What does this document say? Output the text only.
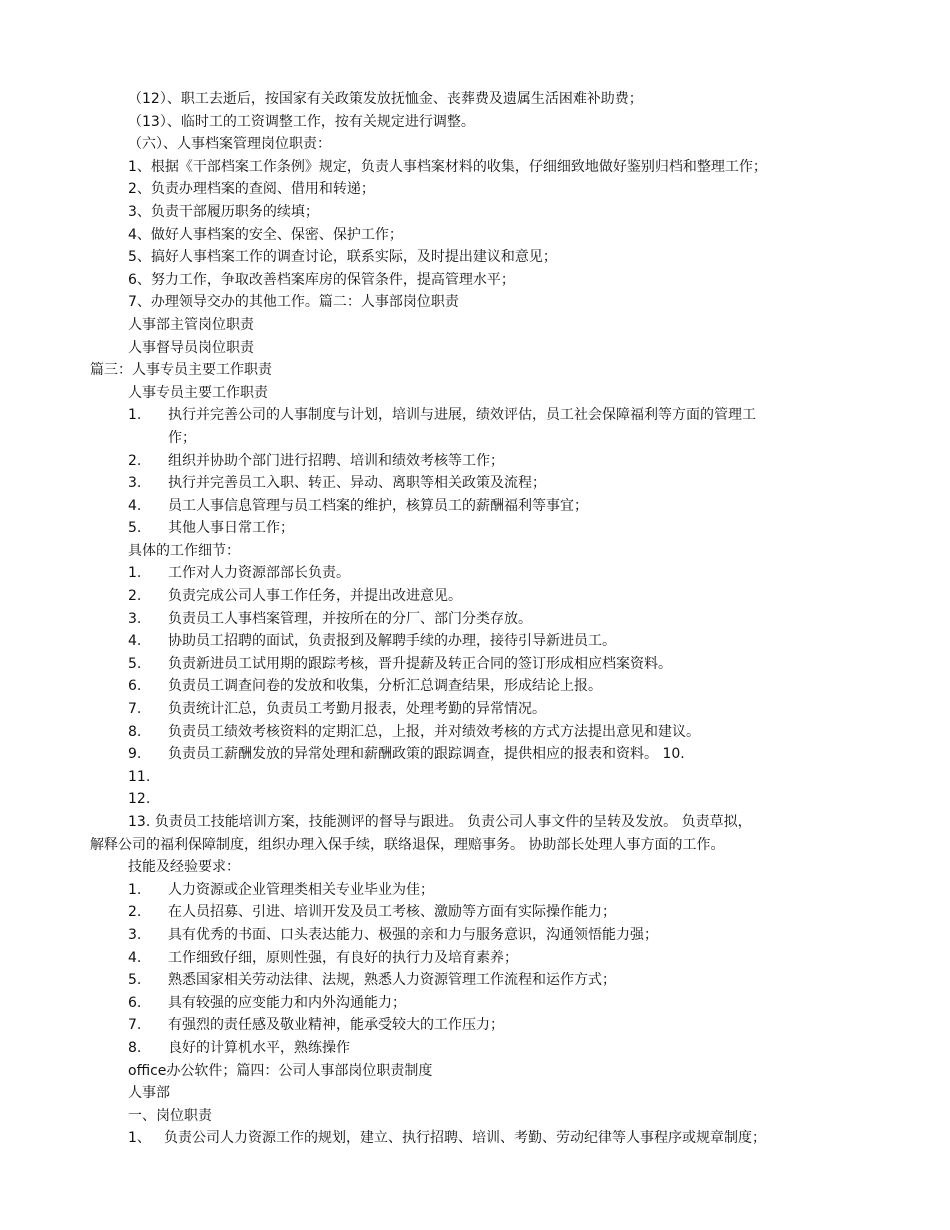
（12）、职工去逝后，按国家有关政策发放抚恤金、丧葬费及遗属生活困难补助费；
（13）、临时工的工资调整工作，按有关规定进行调整。
（六）、人事档案管理岗位职责：
1、根据《干部档案工作条例》规定，负责人事档案材料的收集，仔细细致地做好鉴别归档和整理工作；
2、负责办理档案的查阅、借用和转递；
3、负责干部履历职务的续填；
4、做好人事档案的安全、保密、保护工作；
5、搞好人事档案工作的调查讨论，联系实际，及时提出建议和意见；
6、努力工作，争取改善档案库房的保管条件，提高管理水平；
7、办理领导交办的其他工作。篇二：人事部岗位职责
人事部主管岗位职责
人事督导员岗位职责
篇三：人事专员主要工作职责
人事专员主要工作职责
1. 执行并完善公司的人事制度与计划，培训与进展，绩效评估，员工社会保障福利等方面的管理工
作；
2. 组织并协助个部门进行招聘、培训和绩效考核等工作；
3. 执行并完善员工入职、转正、异动、离职等相关政策及流程；
4. 员工人事信息管理与员工档案的维护，核算员工的薪酬福利等事宜；
5. 其他人事日常工作；
具体的工作细节：
1. 工作对人力资源部部长负责。
2. 负责完成公司人事工作任务，并提出改进意见。
3. 负责员工人事档案管理，并按所在的分厂、部门分类存放。
4. 协助员工招聘的面试，负责报到及解聘手续的办理，接待引导新进员工。
5. 负责新进员工试用期的跟踪考核，晋升提薪及转正合同的签订形成相应档案资料。
6. 负责员工调查问卷的发放和收集，分析汇总调查结果，形成结论上报。
7. 负责统计汇总，负责员工考勤月报表，处理考勤的异常情况。
8. 负责员工绩效考核资料的定期汇总，上报，并对绩效考核的方式方法提出意见和建议。
9. 负责员工薪酬发放的异常处理和薪酬政策的跟踪调查，提供相应的报表和资料。 10.
11.
12.
13. 负责员工技能培训方案，技能测评的督导与跟进。 负责公司人事文件的呈转及发放。 负责草拟，
解释公司的福利保障制度，组织办理入保手续，联络退保，理赔事务。 协助部长处理人事方面的工作。
技能及经验要求：
1. 人力资源或企业管理类相关专业毕业为佳；
2. 在人员招募、引进、培训开发及员工考核、激励等方面有实际操作能力；
3. 具有优秀的书面、口头表达能力、极强的亲和力与服务意识，沟通领悟能力强；
4. 工作细致仔细，原则性强，有良好的执行力及培育素养；
5. 熟悉国家相关劳动法律、法规，熟悉人力资源管理工作流程和运作方式；
6. 具有较强的应变能力和内外沟通能力；
7. 有强烈的责任感及敬业精神，能承受较大的工作压力；
8. 良好的计算机水平，熟练操作
office办公软件；篇四：公司人事部岗位职责制度
人事部
一、岗位职责
1、 负责公司人力资源工作的规划，建立、执行招聘、培训、考勤、劳动纪律等人事程序或规章制度；
